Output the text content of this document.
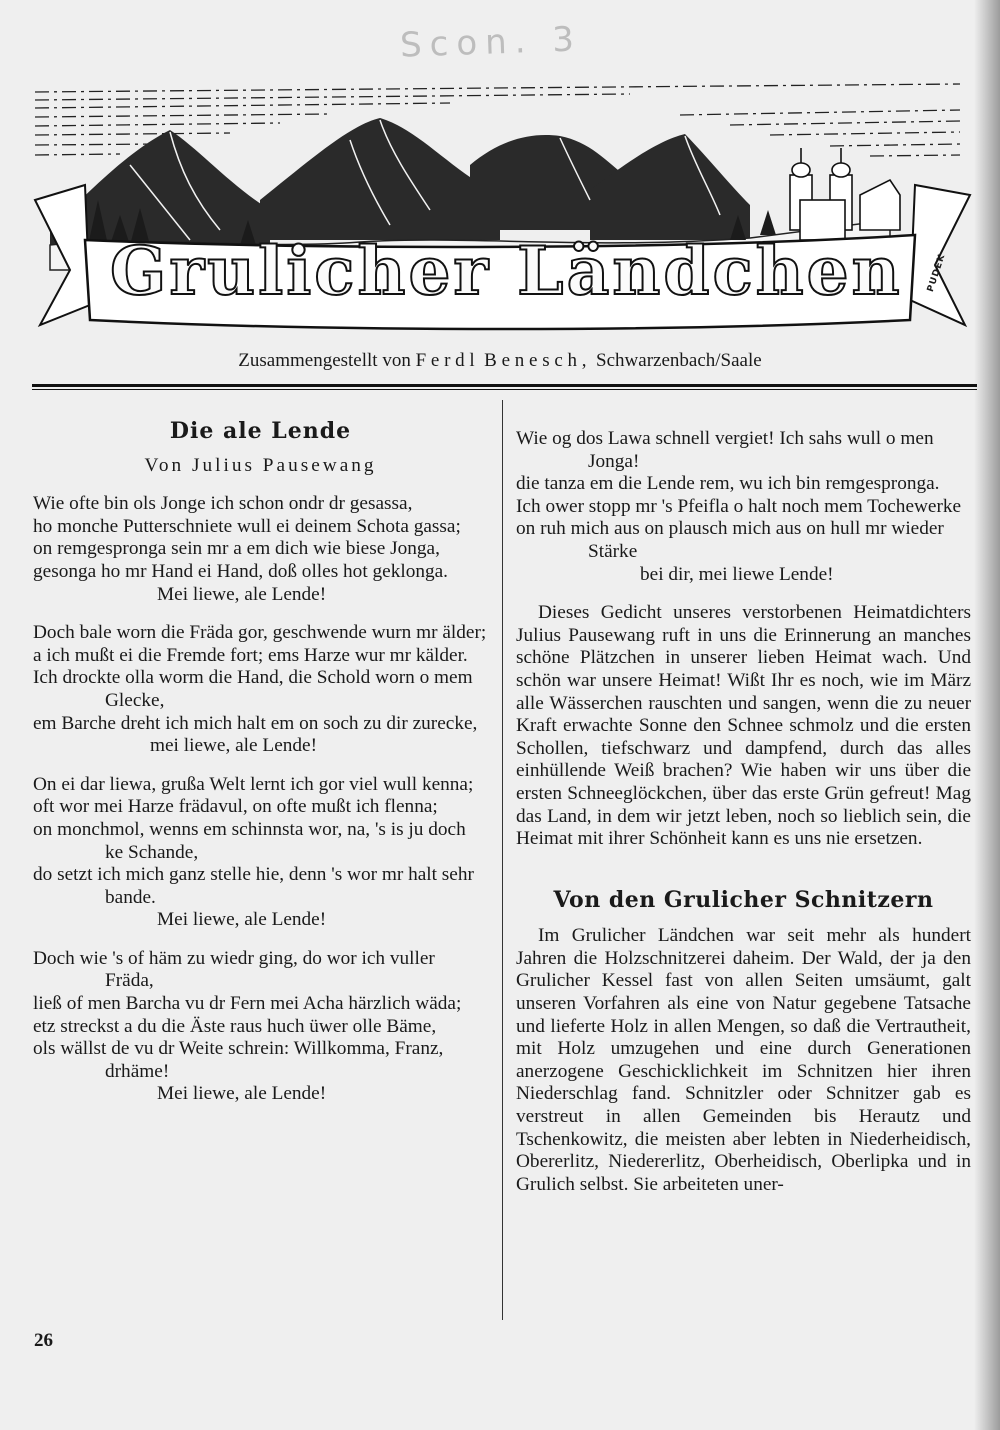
Scon. 3
Grulicher Ländchen	PUDEK
Zusammengestellt von F e r d l  B e n e s c h ,  Schwarzenbach/Saale
Die ale Lende
Von Julius Pausewang
Wie ofte bin ols Jonge ich schon ondr dr gesassa,
ho monche Putterschniete wull ei deinem Schota gassa;
on remgespronga sein mr a em dich wie biese Jonga,
gesonga ho mr Hand ei Hand, doß olles hot geklonga.
Mei liewe, ale Lende!
Doch bale worn die Fräda gor, geschwende wurn mr älder;
a ich mußt ei die Fremde fort; ems Harze wur mr kälder.
Ich drockte olla worm die Hand, die Schold worn o mem Glecke,
em Barche dreht ich mich halt em on soch zu dir zurecke,
mei liewe, ale Lende!
On ei dar liewa, grußa Welt lernt ich gor viel wull kenna;
oft wor mei Harze frädavul, on ofte mußt ich flenna;
on monchmol, wenns em schinnsta wor, na, 's is ju doch ke Schande,
do setzt ich mich ganz stelle hie, denn 's wor mr halt sehr bande.
Mei liewe, ale Lende!
Doch wie 's of häm zu wiedr ging, do wor ich vuller Fräda,
ließ of men Barcha vu dr Fern mei Acha härzlich wäda;
etz streckst a du die Äste raus huch üwer olle Bäme,
ols wällst de vu dr Weite schrein: Willkomma, Franz, drhäme!
Mei liewe, ale Lende!
Wie og dos Lawa schnell vergiet! Ich sahs wull o men Jonga!
die tanza em die Lende rem, wu ich bin remgespronga.
Ich ower stopp mr 's Pfeifla o halt noch mem Tochewerke
on ruh mich aus on plausch mich aus on hull mr wieder Stärke
bei dir, mei liewe Lende!

Dieses Gedicht unseres verstorbenen Heimatdichters Julius Pausewang ruft in uns die Erinnerung an manches schöne Plätzchen in unserer lieben Heimat wach. Und schön war unsere Heimat! Wißt Ihr es noch, wie im März alle Wässerchen rauschten und sangen, wenn die zu neuer Kraft erwachte Sonne den Schnee schmolz und die ersten Schollen, tiefschwarz und dampfend, durch das alles einhüllende Weiß brachen? Wie haben wir uns über die ersten Schneeglöckchen, über das erste Grün gefreut! Mag das Land, in dem wir jetzt leben, noch so lieblich sein, die Heimat mit ihrer Schönheit kann es uns nie ersetzen.

Von den Grulicher Schnitzern

Im Grulicher Ländchen war seit mehr als hundert Jahren die Holzschnitzerei daheim. Der Wald, der ja den Grulicher Kessel fast von allen Seiten umsäumt, galt unseren Vorfahren als eine von Natur gegebene Tatsache und lieferte Holz in allen Mengen, so daß die Vertrautheit, mit Holz umzugehen und eine durch Generationen anerzogene Geschicklichkeit im Schnitzen hier ihren Niederschlag fand. Schnitzler oder Schnitzer gab es verstreut in allen Gemeinden bis Herautz und Tschenkowitz, die meisten aber lebten in Niederheidisch, Obererlitz, Niedererlitz, Oberheidisch, Oberlipka und in Grulich selbst. Sie arbeiteten uner-

26
